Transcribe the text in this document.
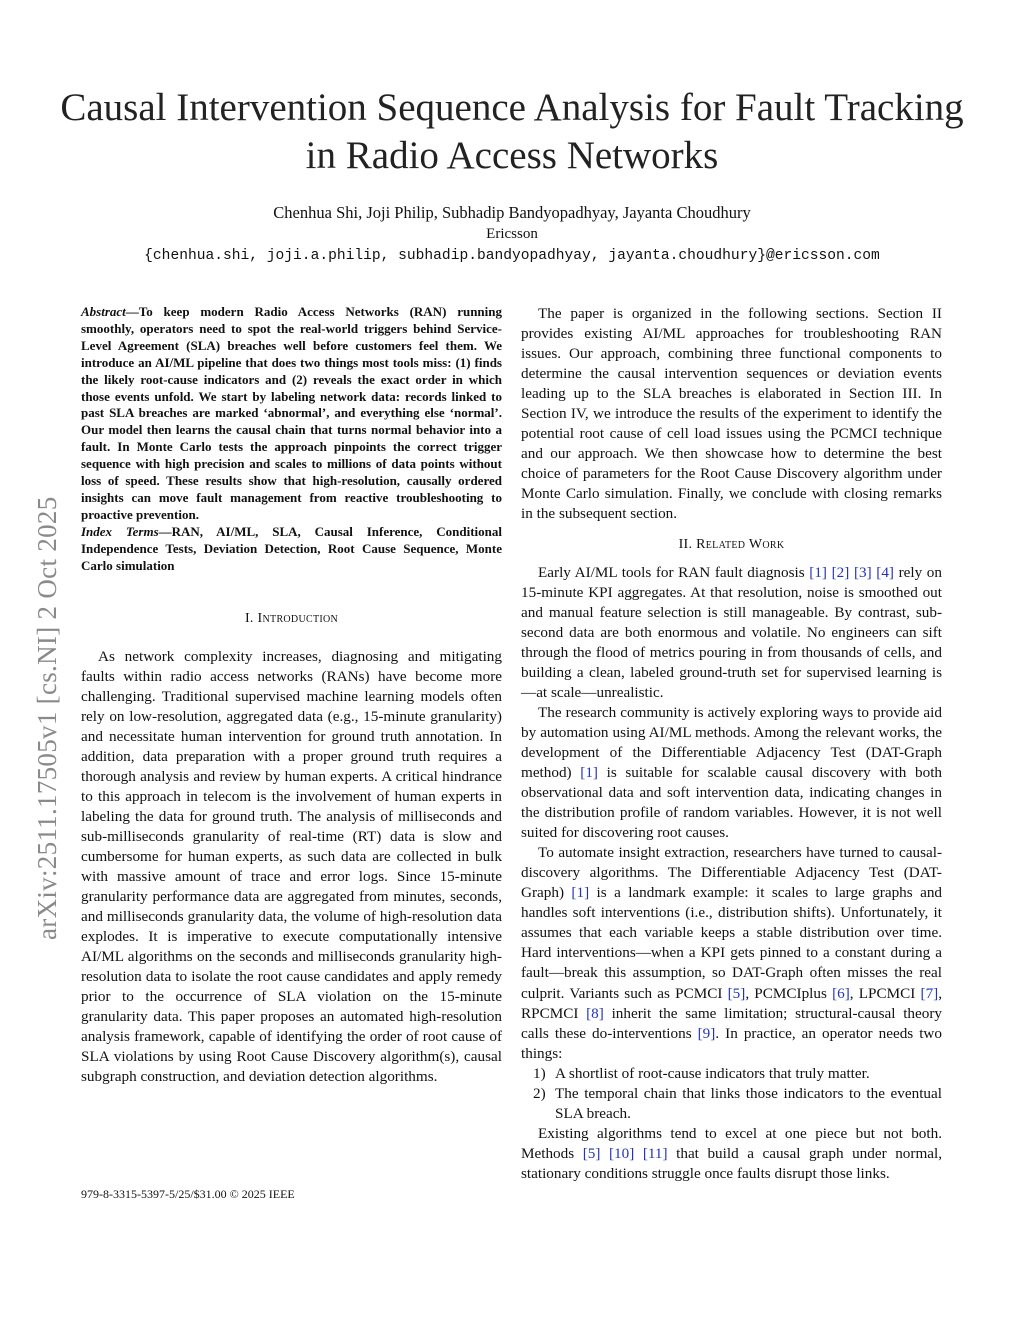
Causal Intervention Sequence Analysis for Fault Tracking in Radio Access Networks
Chenhua Shi, Joji Philip, Subhadip Bandyopadhyay, Jayanta Choudhury
Ericsson
{chenhua.shi, joji.a.philip, subhadip.bandyopadhyay, jayanta.choudhury}@ericsson.com
arXiv:2511.17505v1 [cs.NI] 2 Oct 2025

Abstract—To keep modern Radio Access Networks (RAN) running smoothly, operators need to spot the real-world triggers behind Service-Level Agreement (SLA) breaches well before customers feel them. We introduce an AI/ML pipeline that does two things most tools miss: (1) finds the likely root-cause indicators and (2) reveals the exact order in which those events unfold. We start by labeling network data: records linked to past SLA breaches are marked ‘abnormal’, and everything else ‘normal’. Our model then learns the causal chain that turns normal behavior into a fault. In Monte Carlo tests the approach pinpoints the correct trigger sequence with high precision and scales to millions of data points without loss of speed. These results show that high-resolution, causally ordered insights can move fault management from reactive troubleshooting to proactive prevention.

Index Terms—RAN, AI/ML, SLA, Causal Inference, Conditional Independence Tests, Deviation Detection, Root Cause Sequence, Monte Carlo simulation

I. Introduction

As network complexity increases, diagnosing and mitigating faults within radio access networks (RANs) have become more challenging. Traditional supervised machine learning models often rely on low-resolution, aggregated data (e.g., 15-minute granularity) and necessitate human intervention for ground truth annotation. In addition, data preparation with a proper ground truth requires a thorough analysis and review by human experts. A critical hindrance to this approach in telecom is the involvement of human experts in labeling the data for ground truth. The analysis of milliseconds and sub-milliseconds granularity of real-time (RT) data is slow and cumbersome for human experts, as such data are collected in bulk with massive amount of trace and error logs. Since 15-minute granularity performance data are aggregated from minutes, seconds, and milliseconds granularity data, the volume of high-resolution data explodes. It is imperative to execute computationally intensive AI/ML algorithms on the seconds and milliseconds granularity high-resolution data to isolate the root cause candidates and apply remedy prior to the occurrence of SLA violation on the 15-minute granularity data. This paper proposes an automated high-resolution analysis framework, capable of identifying the order of root cause of SLA violations by using Root Cause Discovery algorithm(s), causal subgraph construction, and deviation detection algorithms.

The paper is organized in the following sections. Section II provides existing AI/ML approaches for troubleshooting RAN issues. Our approach, combining three functional components to determine the causal intervention sequences or deviation events leading up to the SLA breaches is elaborated in Section III. In Section IV, we introduce the results of the experiment to identify the potential root cause of cell load issues using the PCMCI technique and our approach. We then showcase how to determine the best choice of parameters for the Root Cause Discovery algorithm under Monte Carlo simulation. Finally, we conclude with closing remarks in the subsequent section.

II. Related Work

Early AI/ML tools for RAN fault diagnosis [1] [2] [3] [4] rely on 15-minute KPI aggregates. At that resolution, noise is smoothed out and manual feature selection is still manageable. By contrast, sub-second data are both enormous and volatile. No engineers can sift through the flood of metrics pouring in from thousands of cells, and building a clean, labeled ground-truth set for supervised learning is—at scale—unrealistic.

The research community is actively exploring ways to provide aid by automation using AI/ML methods. Among the relevant works, the development of the Differentiable Adjacency Test (DAT-Graph method) [1] is suitable for scalable causal discovery with both observational data and soft intervention data, indicating changes in the distribution profile of random variables. However, it is not well suited for discovering root causes.

To automate insight extraction, researchers have turned to causal-discovery algorithms. The Differentiable Adjacency Test (DAT-Graph) [1] is a landmark example: it scales to large graphs and handles soft interventions (i.e., distribution shifts). Unfortunately, it assumes that each variable keeps a stable distribution over time. Hard interventions—when a KPI gets pinned to a constant during a fault—break this assumption, so DAT-Graph often misses the real culprit. Variants such as PCMCI [5], PCMCIplus [6], LPCMCI [7], RPCMCI [8] inherit the same limitation; structural-causal theory calls these do-interventions [9]. In practice, an operator needs two things:

1) A shortlist of root-cause indicators that truly matter.
2) The temporal chain that links those indicators to the eventual SLA breach.

Existing algorithms tend to excel at one piece but not both. Methods [5] [10] [11] that build a causal graph under normal, stationary conditions struggle once faults disrupt those links.

979-8-3315-5397-5/25/$31.00 © 2025 IEEE
